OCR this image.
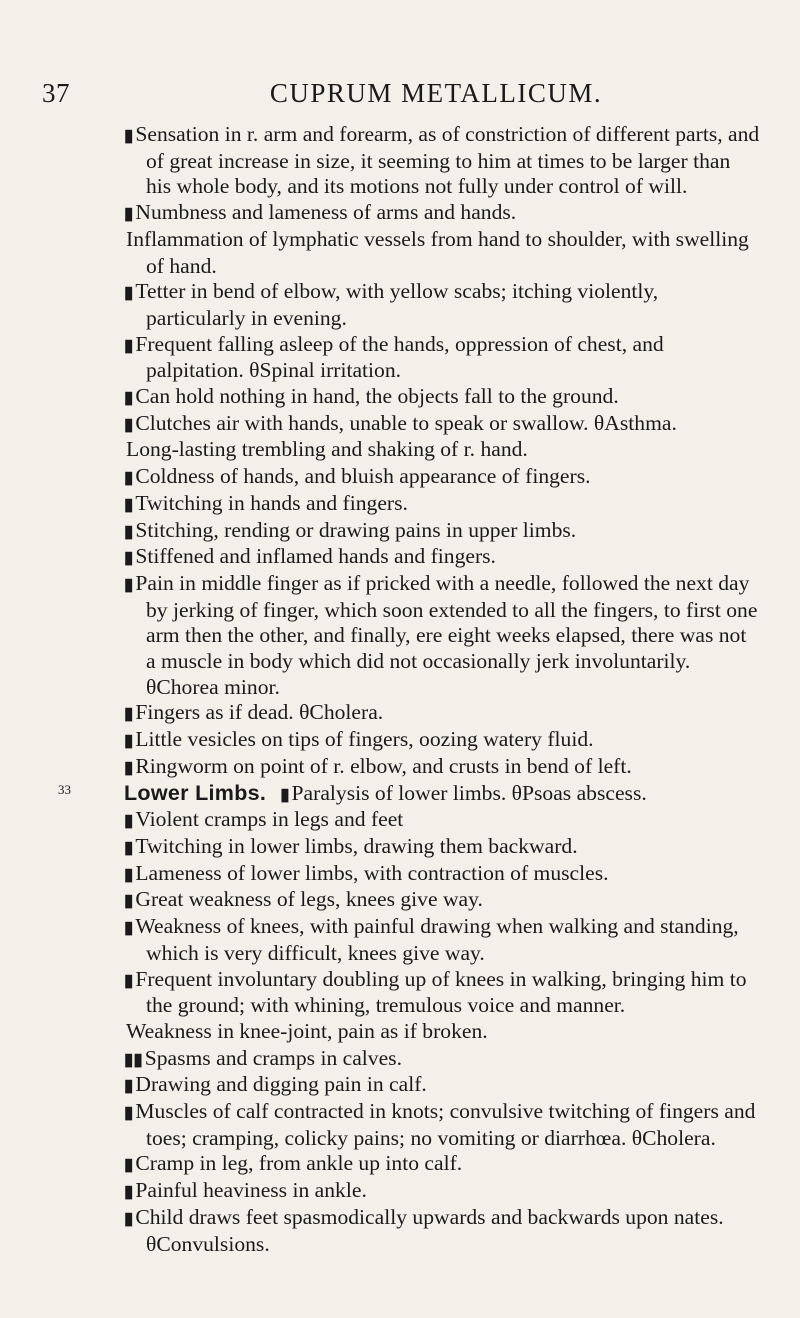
37	CUPRUM METALLICUM.

▮Sensation in r. arm and forearm, as of constriction of different parts, and of great increase in size, it seeming to him at times to be larger than his whole body, and its motions not fully under control of will.

▮Numbness and lameness of arms and hands.

Inflammation of lymphatic vessels from hand to shoulder, with swelling of hand.

▮Tetter in bend of elbow, with yellow scabs; itching violently, particularly in evening.

▮Frequent falling asleep of the hands, oppression of chest, and palpitation. θSpinal irritation.

▮Can hold nothing in hand, the objects fall to the ground.

▮Clutches air with hands, unable to speak or swallow. θAsthma.

Long-lasting trembling and shaking of r. hand.

▮Coldness of hands, and bluish appearance of fingers.

▮Twitching in hands and fingers.

▮Stitching, rending or drawing pains in upper limbs.

▮Stiffened and inflamed hands and fingers.

▮Pain in middle finger as if pricked with a needle, followed the next day by jerking of finger, which soon extended to all the fingers, to first one arm then the other, and finally, ere eight weeks elapsed, there was not a muscle in body which did not occasionally jerk involuntarily. θChorea minor.

▮Fingers as if dead. θCholera.

▮Little vesicles on tips of fingers, oozing watery fluid.

▮Ringworm on point of r. elbow, and crusts in bend of left.

33	Lower Limbs. ▮Paralysis of lower limbs. θPsoas abscess.

▮Violent cramps in legs and feet

▮Twitching in lower limbs, drawing them backward.

▮Lameness of lower limbs, with contraction of muscles.

▮Great weakness of legs, knees give way.

▮Weakness of knees, with painful drawing when walking and standing, which is very difficult, knees give way.

▮Frequent involuntary doubling up of knees in walking, bringing him to the ground; with whining, tremulous voice and manner.

Weakness in knee-joint, pain as if broken.

▮▮Spasms and cramps in calves.

▮Drawing and digging pain in calf.

▮Muscles of calf contracted in knots; convulsive twitching of fingers and toes; cramping, colicky pains; no vomiting or diarrhœa. θCholera.

▮Cramp in leg, from ankle up into calf.

▮Painful heaviness in ankle.

▮Child draws feet spasmodically upwards and backwards upon nates. θConvulsions.
